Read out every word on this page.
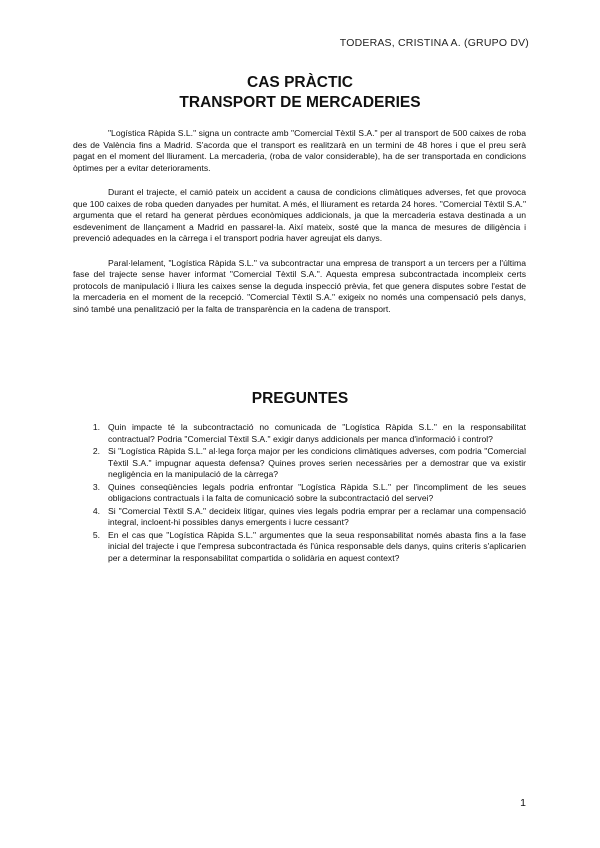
TODERAS, CRISTINA A. (GRUPO DV)
CAS PRÀCTIC
TRANSPORT DE MERCADERIES

"Logística Ràpida S.L." signa un contracte amb "Comercial Tèxtil S.A." per al transport de 500 caixes de roba des de València fins a Madrid. S'acorda que el transport es realitzarà en un termini de 48 hores i que el preu serà pagat en el moment del lliurament. La mercaderia, (roba de valor considerable), ha de ser transportada en condicions òptimes per a evitar deterioraments.

Durant el trajecte, el camió pateix un accident a causa de condicions climàtiques adverses, fet que provoca que 100 caixes de roba queden danyades per humitat. A més, el lliurament es retarda 24 hores. "Comercial Tèxtil S.A." argumenta que el retard ha generat pèrdues econòmiques addicionals, ja que la mercaderia estava destinada a un esdeveniment de llançament a Madrid en passarel·la. Així mateix, sosté que la manca de mesures de diligència i prevenció adequades en la càrrega i el transport podria haver agreujat els danys.

Paral·lelament, "Logística Ràpida S.L." va subcontractar una empresa de transport a un tercers per a l'última fase del trajecte sense haver informat "Comercial Tèxtil S.A.". Aquesta empresa subcontractada incompleix certs protocols de manipulació i lliura les caixes sense la deguda inspecció prèvia, fet que genera disputes sobre l'estat de la mercaderia en el moment de la recepció. "Comercial Tèxtil S.A." exigeix no només una compensació pels danys, sinó també una penalització per la falta de transparència en la cadena de transport.

PREGUNTES
1. Quin impacte té la subcontractació no comunicada de "Logística Ràpida S.L." en la responsabilitat contractual? Podria "Comercial Tèxtil S.A." exigir danys addicionals per manca d'informació i control?
2. Si "Logística Ràpida S.L." al·lega força major per les condicions climàtiques adverses, com podria "Comercial Tèxtil S.A." impugnar aquesta defensa? Quines proves serien necessàries per a demostrar que va existir negligència en la manipulació de la càrrega?
3. Quines conseqüències legals podria enfrontar "Logística Ràpida S.L." per l'incompliment de les seues obligacions contractuals i la falta de comunicació sobre la subcontractació del servei?
4. Si "Comercial Tèxtil S.A." decideix litigar, quines vies legals podria emprar per a reclamar una compensació integral, incloent-hi possibles danys emergents i lucre cessant?
5. En el cas que "Logística Ràpida S.L." argumentes que la seua responsabilitat només abasta fins a la fase inicial del trajecte i que l'empresa subcontractada és l'única responsable dels danys, quins criteris s'aplicarien per a determinar la responsabilitat compartida o solidària en aquest context?
1
